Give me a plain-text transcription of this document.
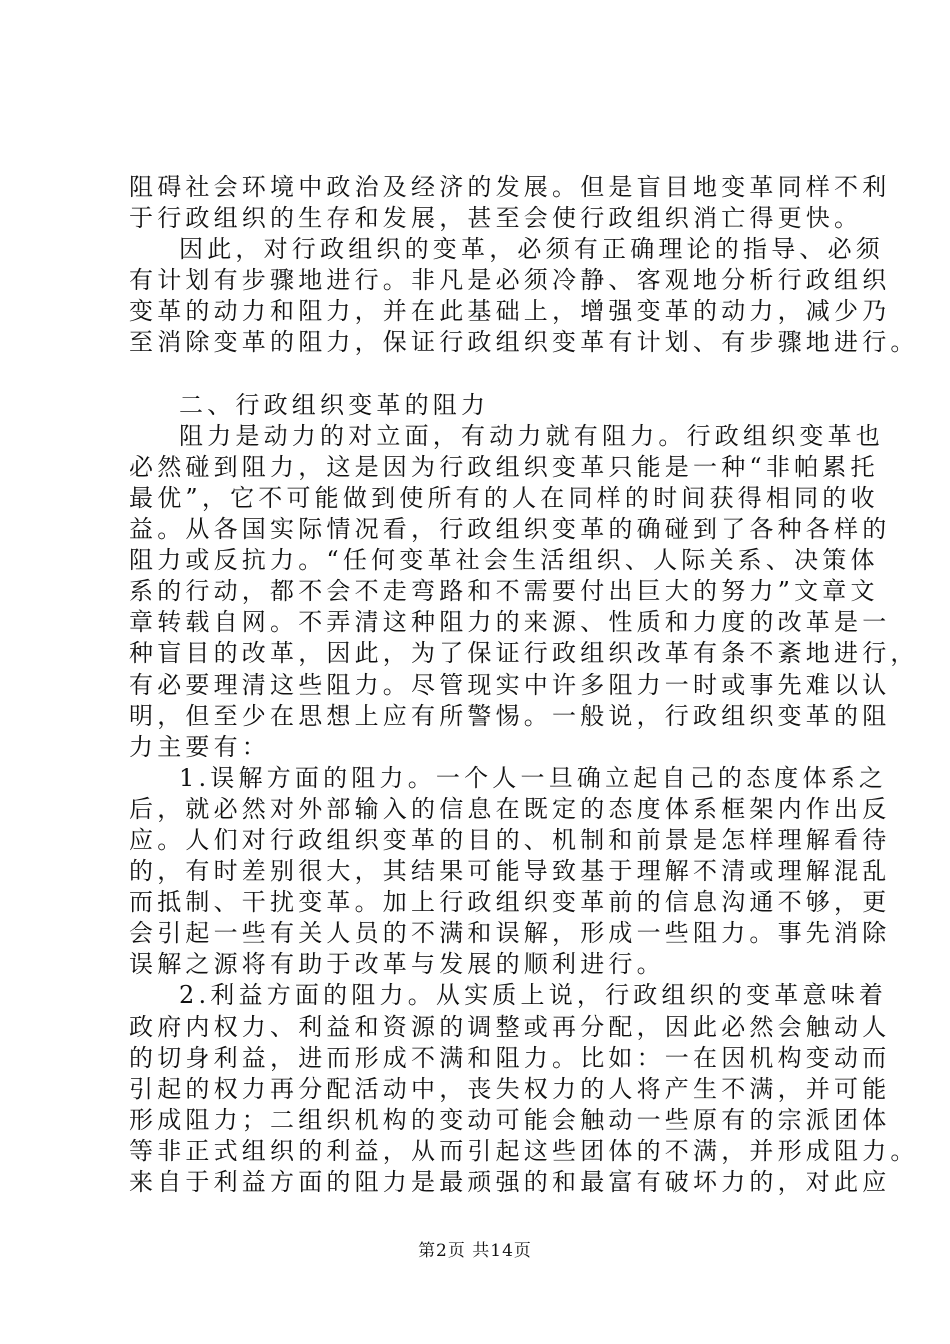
阻碍社会环境中政治及经济的发展。但是盲目地变革同样不利
于行政组织的生存和发展，甚至会使行政组织消亡得更快。
因此，对行政组织的变革，必须有正确理论的指导、必须
有计划有步骤地进行。非凡是必须冷静、客观地分析行政组织
变革的动力和阻力，并在此基础上，增强变革的动力，减少乃
至消除变革的阻力，保证行政组织变革有计划、有步骤地进行。
二、行政组织变革的阻力
阻力是动力的对立面，有动力就有阻力。行政组织变革也
必然碰到阻力，这是因为行政组织变革只能是一种“非帕累托
最优”，它不可能做到使所有的人在同样的时间获得相同的收
益。从各国实际情况看，行政组织变革的确碰到了各种各样的
阻力或反抗力。“任何变革社会生活组织、人际关系、决策体
系的行动，都不会不走弯路和不需要付出巨大的努力”文章文
章转载自网。不弄清这种阻力的来源、性质和力度的改革是一
种盲目的改革，因此，为了保证行政组织改革有条不紊地进行，
有必要理清这些阻力。尽管现实中许多阻力一时或事先难以认
明，但至少在思想上应有所警惕。一般说，行政组织变革的阻
力主要有：
1.误解方面的阻力。一个人一旦确立起自己的态度体系之
后，就必然对外部输入的信息在既定的态度体系框架内作出反
应。人们对行政组织变革的目的、机制和前景是怎样理解看待
的，有时差别很大，其结果可能导致基于理解不清或理解混乱
而抵制、干扰变革。加上行政组织变革前的信息沟通不够，更
会引起一些有关人员的不满和误解，形成一些阻力。事先消除
误解之源将有助于改革与发展的顺利进行。
2.利益方面的阻力。从实质上说，行政组织的变革意味着
政府内权力、利益和资源的调整或再分配，因此必然会触动人
的切身利益，进而形成不满和阻力。比如：一在因机构变动而
引起的权力再分配活动中，丧失权力的人将产生不满，并可能
形成阻力；二组织机构的变动可能会触动一些原有的宗派团体
等非正式组织的利益，从而引起这些团体的不满，并形成阻力。
来自于利益方面的阻力是最顽强的和最富有破坏力的，对此应
第2页 共14页
